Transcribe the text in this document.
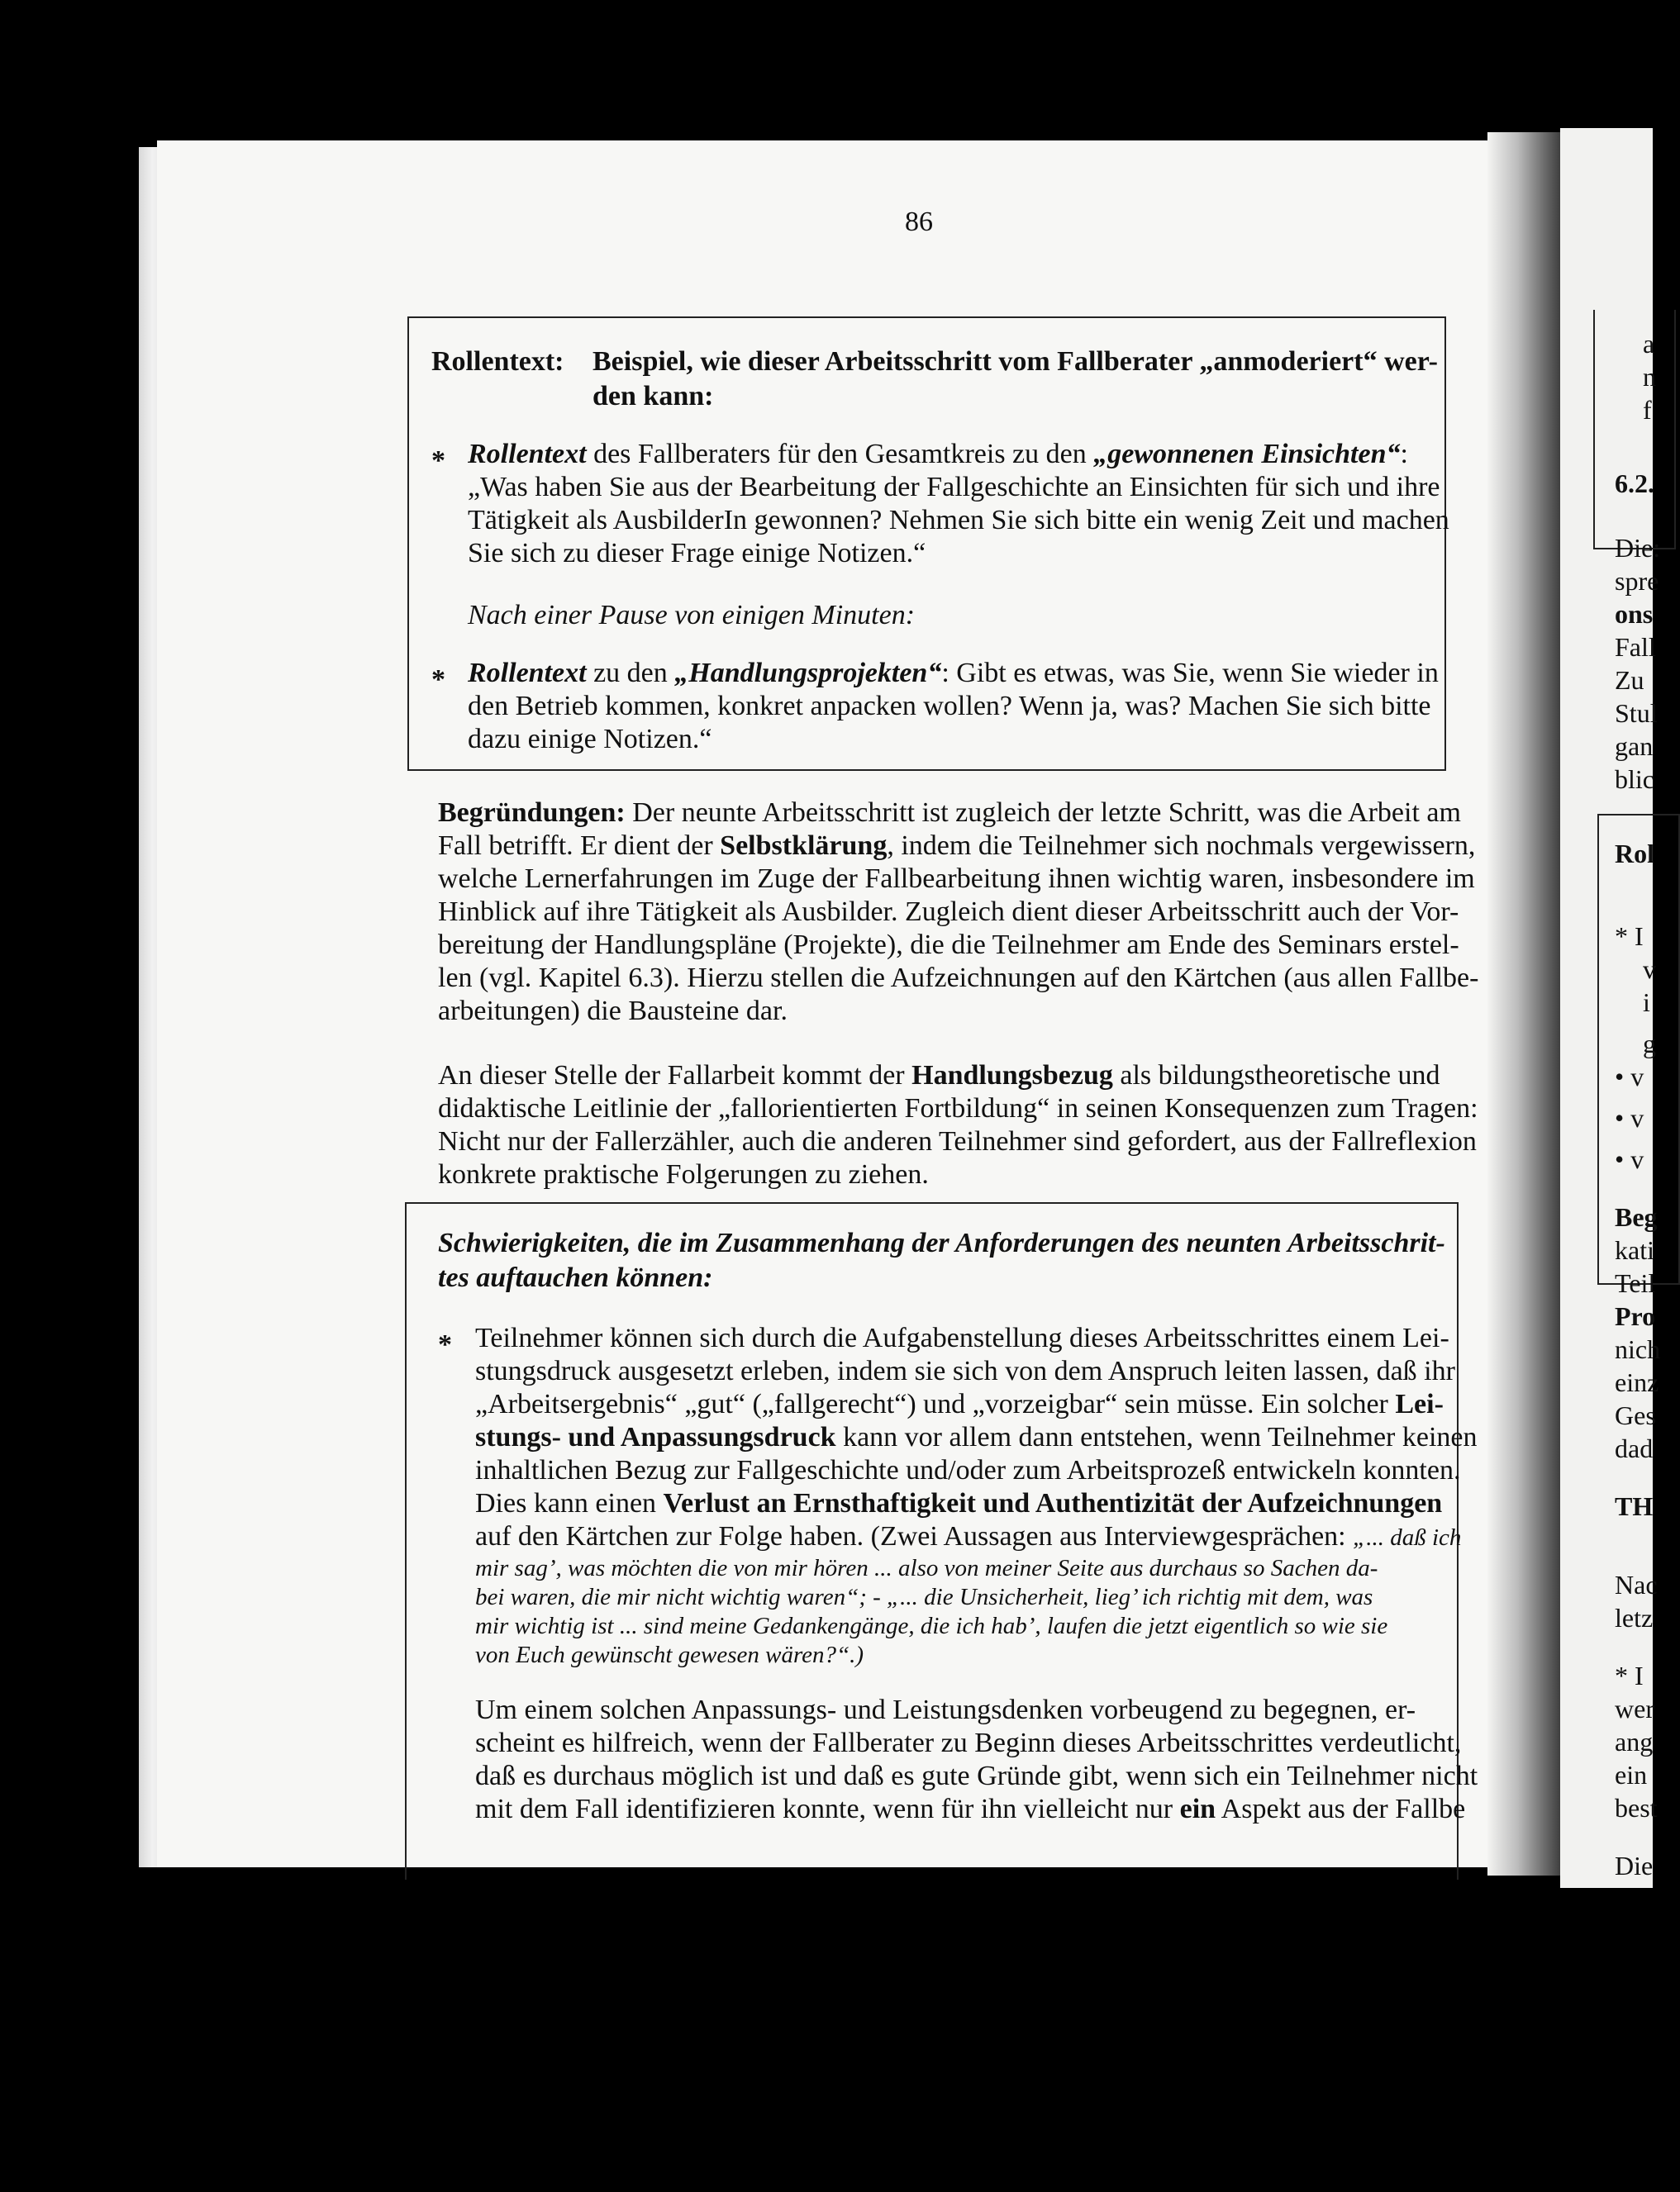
86
Rollentext: Beispiel, wie dieser Arbeitsschritt vom Fallberater „anmoderiert“ wer-
den kann:
* Rollentext des Fallberaters für den Gesamtkreis zu den „gewonnenen Einsichten“:
„Was haben Sie aus der Bearbeitung der Fallgeschichte an Einsichten für sich und ihre
Tätigkeit als AusbilderIn gewonnen? Nehmen Sie sich bitte ein wenig Zeit und machen
Sie sich zu dieser Frage einige Notizen.“
Nach einer Pause von einigen Minuten:
* Rollentext zu den „Handlungsprojekten“: Gibt es etwas, was Sie, wenn Sie wieder in
den Betrieb kommen, konkret anpacken wollen? Wenn ja, was? Machen Sie sich bitte
dazu einige Notizen.“
Begründungen: Der neunte Arbeitsschritt ist zugleich der letzte Schritt, was die Arbeit am
Fall betrifft. Er dient der Selbstklärung, indem die Teilnehmer sich nochmals vergewissern,
welche Lernerfahrungen im Zuge der Fallbearbeitung ihnen wichtig waren, insbesondere im
Hinblick auf ihre Tätigkeit als Ausbilder. Zugleich dient dieser Arbeitsschritt auch der Vor-
bereitung der Handlungspläne (Projekte), die die Teilnehmer am Ende des Seminars erstel-
len (vgl. Kapitel 6.3). Hierzu stellen die Aufzeichnungen auf den Kärtchen (aus allen Fallbe-
arbeitungen) die Bausteine dar.
An dieser Stelle der Fallarbeit kommt der Handlungsbezug als bildungstheoretische und
didaktische Leitlinie der „fallorientierten Fortbildung“ in seinen Konsequenzen zum Tragen:
Nicht nur der Fallerzähler, auch die anderen Teilnehmer sind gefordert, aus der Fallreflexion
konkrete praktische Folgerungen zu ziehen.
Schwierigkeiten, die im Zusammenhang der Anforderungen des neunten Arbeitsschrit-
tes auftauchen können:
* Teilnehmer können sich durch die Aufgabenstellung dieses Arbeitsschrittes einem Lei-
stungsdruck ausgesetzt erleben, indem sie sich von dem Anspruch leiten lassen, daß ihr
„Arbeitsergebnis“ „gut“ („fallgerecht“) und „vorzeigbar“ sein müsse. Ein solcher Lei-
stungs- und Anpassungsdruck kann vor allem dann entstehen, wenn Teilnehmer keinen
inhaltlichen Bezug zur Fallgeschichte und/oder zum Arbeitsprozeß entwickeln konnten.
Dies kann einen Verlust an Ernsthaftigkeit und Authentizität der Aufzeichnungen
auf den Kärtchen zur Folge haben. (Zwei Aussagen aus Interviewgesprächen: „... daß ich
mir sag’, was möchten die von mir hören ... also von meiner Seite aus durchaus so Sachen da-
bei waren, die mir nicht wichtig waren“; - „... die Unsicherheit, lieg’ ich richtig mit dem, was
mir wichtig ist ... sind meine Gedankengänge, die ich hab’, laufen die jetzt eigentlich so wie sie
von Euch gewünscht gewesen wären?“.)
Um einem solchen Anpassungs- und Leistungsdenken vorbeugend zu begegnen, er-
scheint es hilfreich, wenn der Fallberater zu Beginn dieses Arbeitsschrittes verdeutlicht,
daß es durchaus möglich ist und daß es gute Gründe gibt, wenn sich ein Teilnehmer nicht
mit dem Fall identifizieren konnte, wenn für ihn vielleicht nur ein Aspekt aus der Fallbe
a
n
f
6.2.
Die:
spre
ons
Fall
Zu
Stul
gan
blic
Rol
* I
v
i
g
• v
• v
• v
Beg
kati
Teil
Pro
nich
einz
Ges
dad
TH
Nac
letz
* I
wer
ang
ein
best
Die
